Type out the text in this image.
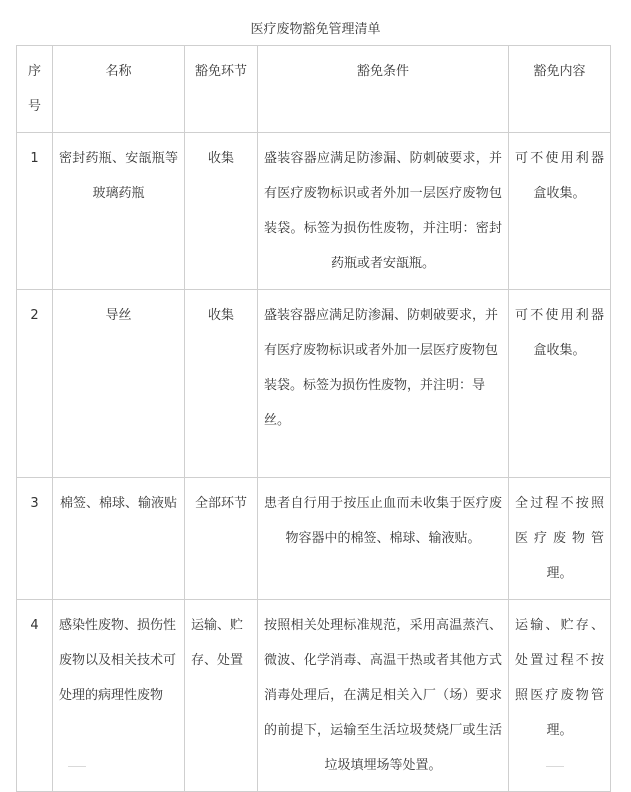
医疗废物豁免管理清单
序号	名称	豁免环节	豁免条件	豁免内容

1	密封药瓶、安瓿瓶等玻璃药瓶	收集	盛装容器应满足防渗漏、防刺破要求，并有医疗废物标识或者外加一层医疗废物包装袋。标签为损伤性废物，并注明：密封药瓶或者安瓿瓶。	可不使用利器盒收集。

2	导丝	收集	盛装容器应满足防渗漏、防刺破要求，并有医疗废物标识或者外加一层医疗废物包装袋。标签为损伤性废物，并注明：导丝。	可不使用利器盒收集。

3	棉签、棉球、输液贴	全部环节	患者自行用于按压止血而未收集于医疗废物容器中的棉签、棉球、输液贴。	全过程不按照医疗废物管理。

4	感染性废物、损伤性废物以及相关技术可处理的病理性废物	运输、贮存、处置	按照相关处理标准规范，采用高温蒸汽、微波、化学消毒、高温干热或者其他方式消毒处理后，在满足相关入厂（场）要求的前提下，运输至生活垃圾焚烧厂或生活垃圾填埋场等处置。	运输、贮存、处置过程不按照医疗废物管理。
